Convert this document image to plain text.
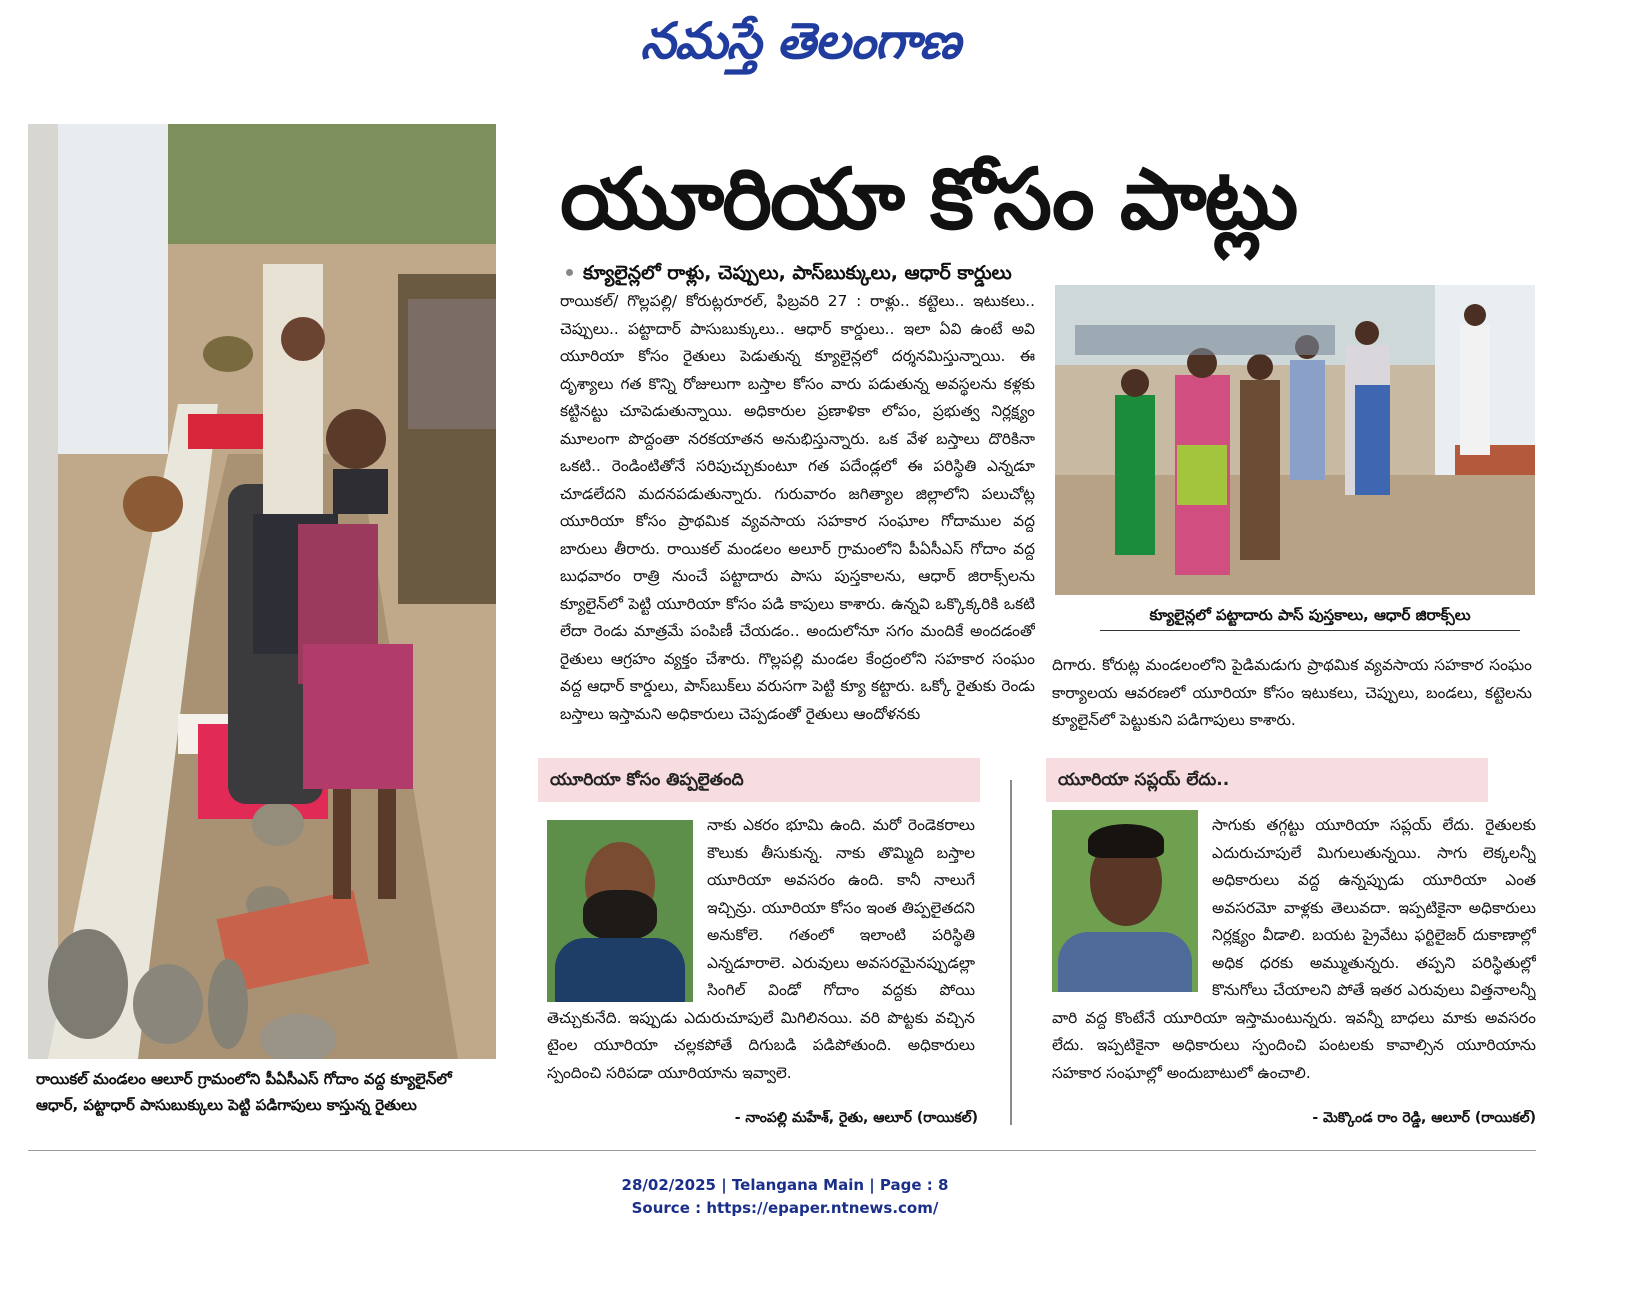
నమస్తే తెలంగాణ
రాయికల్ మండలం ఆలూర్ గ్రామంలోని పీఏసీఎస్ గోదాం వద్ద క్యూలైన్‌లో ఆధార్, పట్టాధార్ పాసుబుక్కులు పెట్టి పడిగాపులు కాస్తున్న రైతులు
యూరియా కోసం పాట్లు
క్యూలైన్లలో రాళ్లు, చెప్పులు, పాస్‌బుక్కులు, ఆధార్ కార్డులు
రాయికల్/ గొల్లపల్లి/ కోరుట్లరూరల్, ఫిబ్రవరి 27 : రాళ్లు.. కట్టెలు.. ఇటుకలు.. చెప్పులు.. పట్టాదార్ పాసుబుక్కులు.. ఆధార్ కార్డులు.. ఇలా ఏవి ఉంటే అవి యూరియా కోసం రైతులు పెడుతున్న క్యూలైన్లలో దర్శనమిస్తున్నాయి. ఈ దృశ్యాలు గత కొన్ని రోజులుగా బస్తాల కోసం వారు పడుతున్న అవస్థలను కళ్లకు కట్టినట్టు చూపెడుతున్నాయి. అధికారుల ప్రణాళికా లోపం, ప్రభుత్వ నిర్లక్ష్యం మూలంగా పొద్దంతా నరకయాతన అనుభిస్తున్నారు. ఒక వేళ బస్తాలు దొరికినా ఒకటి.. రెండింటితోనే సరిపుచ్చుకుంటూ గత పదేండ్లలో ఈ పరిస్థితి ఎన్నడూ చూడలేదని మదనపడుతున్నారు. గురువారం జగిత్యాల జిల్లాలోని పలుచోట్ల యూరియా కోసం ప్రాథమిక వ్యవసాయ సహకార సంఘాల గోదాముల వద్ద బారులు తీరారు. రాయికల్ మండలం అలూర్ గ్రామంలోని పీఏసీఎస్ గోదాం వద్ద బుధవారం రాత్రి నుంచే పట్టాదారు పాసు పుస్తకాలను, ఆధార్ జిరాక్స్‌లను క్యూలైన్‌లో పెట్టి యూరియా కోసం పడి కాపులు కాశారు. ఉన్నవి ఒక్కొక్కరికి ఒకటి లేదా రెండు మాత్రమే పంపిణీ చేయడం.. అందులోనూ సగం మందికే అందడంతో రైతులు ఆగ్రహం వ్యక్తం చేశారు. గొల్లపల్లి మండల కేంద్రంలోని సహకార సంఘం వద్ద ఆధార్ కార్డులు, పాస్‌బుక్‌లు వరుసగా పెట్టి క్యూ కట్టారు. ఒక్కో రైతుకు రెండు బస్తాలు ఇస్తామని అధికారులు చెప్పడంతో రైతులు ఆందోళనకు
క్యూలైన్లలో పట్టాదారు పాస్ పుస్తకాలు, ఆధార్ జిరాక్స్‌లు
దిగారు. కోరుట్ల మండలంలోని పైడిమడుగు ప్రాథమిక వ్యవసాయ సహకార సంఘం కార్యాలయ ఆవరణలో యూరియా కోసం ఇటుకలు, చెప్పులు, బండలు, కట్టెలను క్యూలైన్‌లో పెట్టుకుని పడిగాపులు కాశారు.
యూరియా కోసం తిప్పలైతంది
నాకు ఎకరం భూమి ఉంది. మరో రెండెకరాలు కౌలుకు తీసుకున్న. నాకు తొమ్మిది బస్తాల యూరియా అవసరం ఉంది. కానీ నాలుగే ఇచ్చిన్రు. యూరియా కోసం ఇంత తిప్పలైతదని అనుకోలె. గతంలో ఇలాంటి పరిస్థితి ఎన్నడూరాలె. ఎరువులు అవసరమైనప్పుడల్లా సింగిల్ విండో గోదాం వద్దకు పోయి తెచ్చుకునేది. ఇప్పుడు ఎదురుచూపులే మిగిలినయి. వరి పొట్టకు వచ్చిన టైంల యూరియా చల్లకపోతే దిగుబడి పడిపోతుంది. అధికారులు స్పందించి సరిపడా యూరియాను ఇవ్వాలె.
- నాంపల్లి మహేశ్, రైతు, ఆలూర్ (రాయికల్)
యూరియా సప్లయ్ లేదు..
సాగుకు తగ్గట్టు యూరియా సప్లయ్ లేదు. రైతులకు ఎదురుచూపులే మిగులుతున్నయి. సాగు లెక్కలన్నీ అధికారులు వద్ద ఉన్నప్పుడు యూరియా ఎంత అవసరమో వాళ్లకు తెలువదా. ఇప్పటికైనా అధికారులు నిర్లక్ష్యం వీడాలి. బయట ప్రైవేటు ఫర్టిలైజర్ దుకాణాల్లో అధిక ధరకు అమ్ముతున్నరు. తప్పని పరిస్థితుల్లో కొనుగోలు చేయాలని పోతే ఇతర ఎరువులు విత్తనాలన్నీ వారి వద్ద కొంటేనే యూరియా ఇస్తామంటున్నరు. ఇవన్నీ బాధలు మాకు అవసరం లేదు. ఇప్పటికైనా అధికారులు స్పందించి పంటలకు కావాల్సిన యూరియాను సహకార సంఘాల్లో అందుబాటులో ఉంచాలి.
- మెక్కొండ రాం రెడ్డి, ఆలూర్ (రాయికల్)
28/02/2025 | Telangana Main | Page : 8
Source : https://epaper.ntnews.com/
